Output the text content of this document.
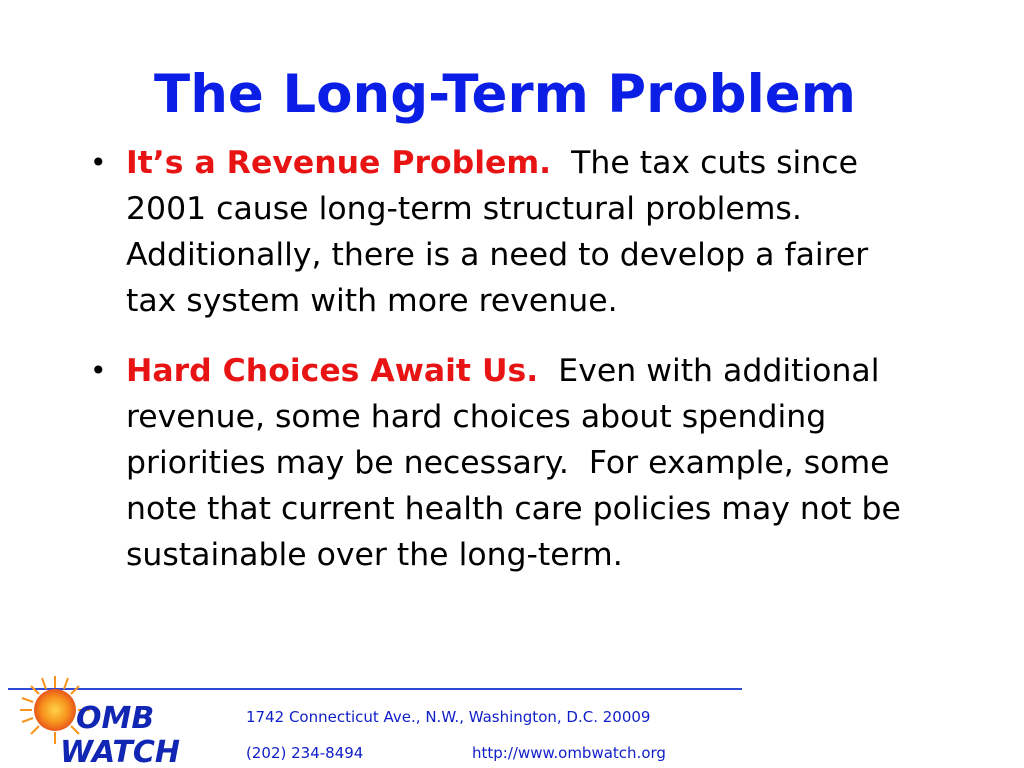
The Long-Term Problem
• It’s a Revenue Problem.  The tax cuts since 2001 cause long-term structural problems. Additionally, there is a need to develop a fairer tax system with more revenue.
• Hard Choices Await Us.  Even with additional revenue, some hard choices about spending priorities may be necessary.  For example, some note that current health care policies may not be sustainable over the long-term.
OMB
WATCH
1742 Connecticut Ave., N.W., Washington, D.C. 20009
(202) 234-8494	http://www.ombwatch.org
